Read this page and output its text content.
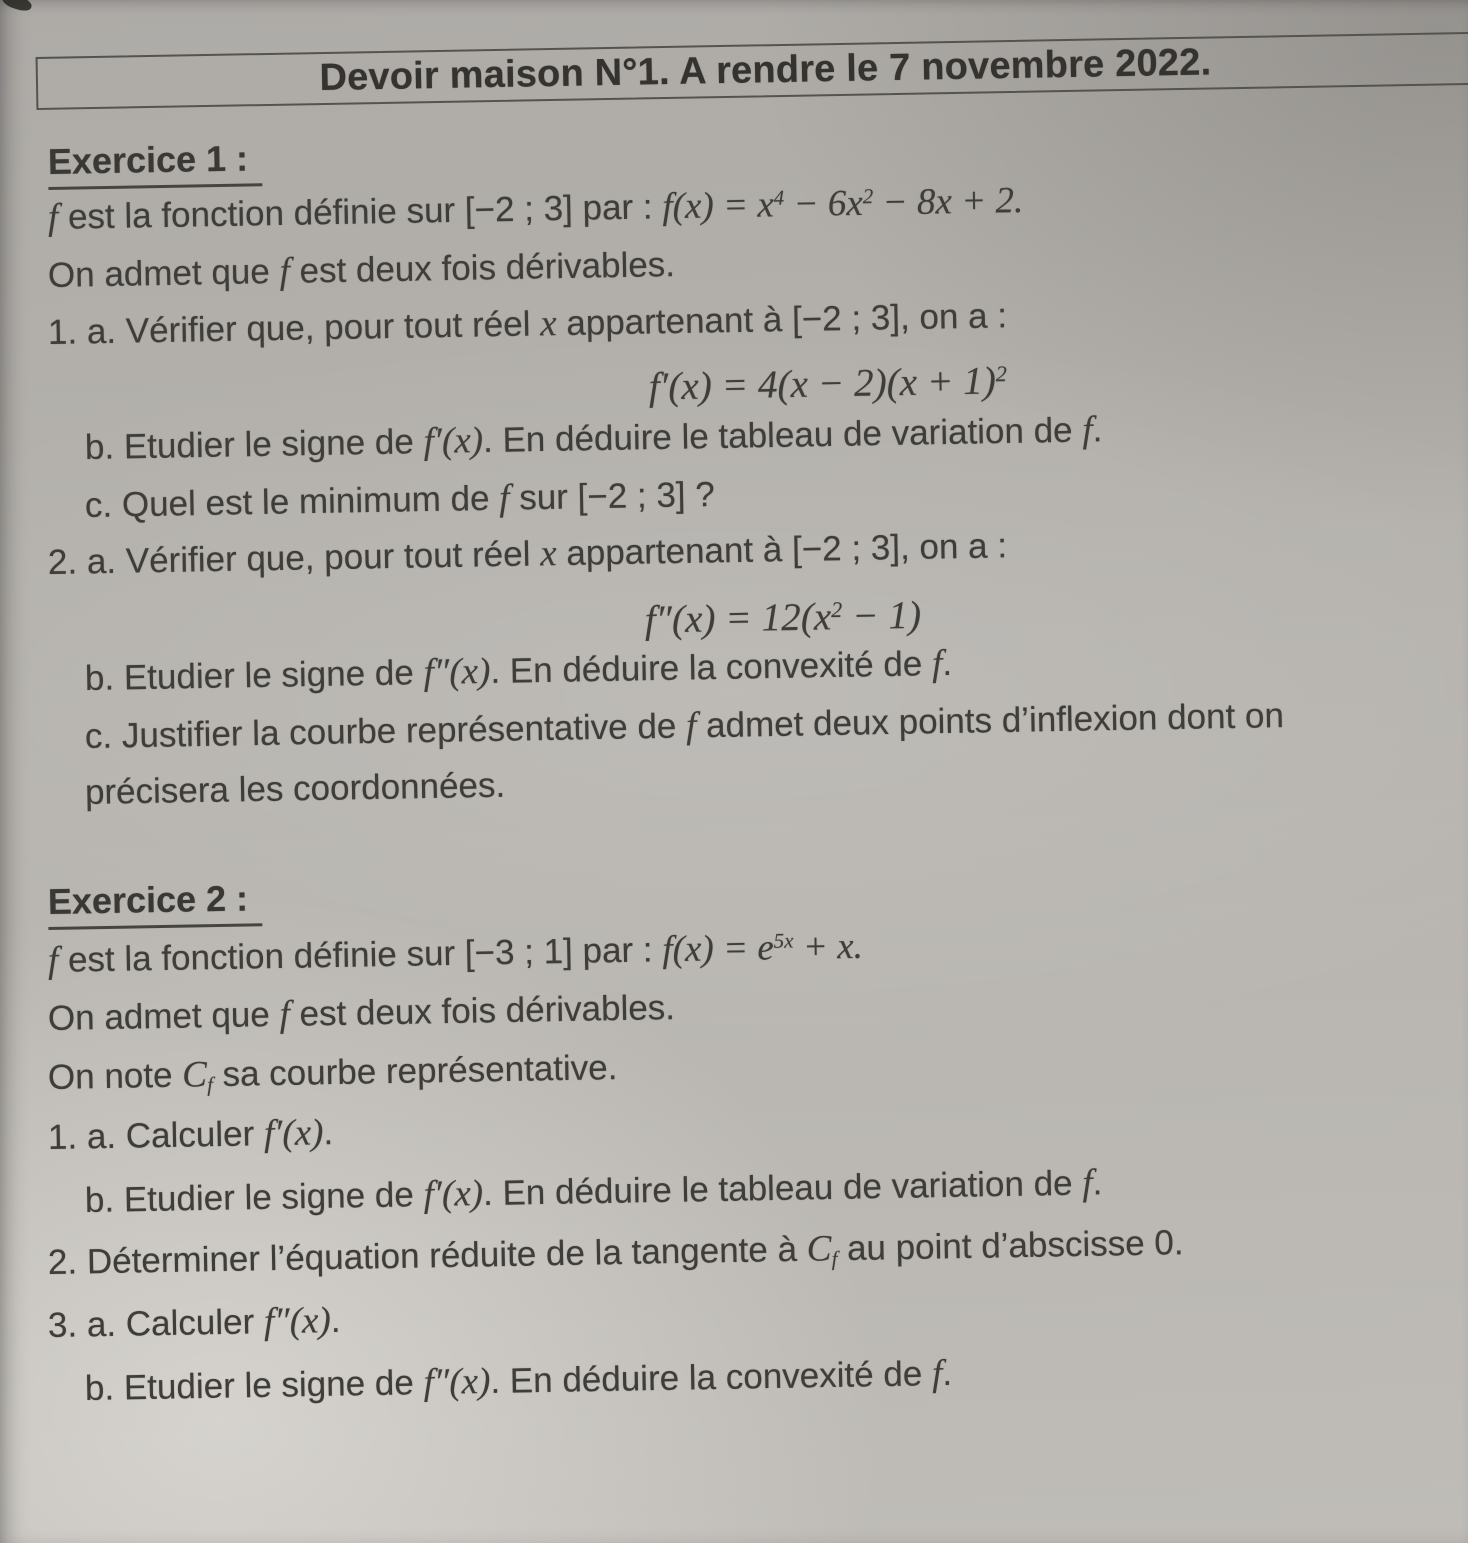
Devoir maison N°1. A rendre le 7 novembre 2022.
Exercice 1 :
f est la fonction définie sur [−2 ; 3] par : $f(x) = x^4 - 6x^2 - 8x + 2$.
On admet que f est deux fois dérivables.
1. a. Vérifier que, pour tout réel x appartenant à [−2 ; 3], on a :
$f'(x) = 4(x - 2)(x + 1)^2$
b. Etudier le signe de f′(x). En déduire le tableau de variation de f.
c. Quel est le minimum de f sur [−2 ; 3] ?
2. a. Vérifier que, pour tout réel x appartenant à [−2 ; 3], on a :
$f''(x) = 12(x^2 - 1)$
b. Etudier le signe de f″(x). En déduire la convexité de f.
c. Justifier la courbe représentative de f admet deux points d’inflexion dont on
précisera les coordonnées.
Exercice 2 :
f est la fonction définie sur [−3 ; 1] par : $f(x) = e^{5x} + x$.
On admet que f est deux fois dérivables.
On note $C_f$ sa courbe représentative.
1. a. Calculer f′(x).
b. Etudier le signe de f′(x). En déduire le tableau de variation de f.
2. Déterminer l’équation réduite de la tangente à $C_f$ au point d’abscisse 0.
3. a. Calculer f″(x).
b. Etudier le signe de f″(x). En déduire la convexité de f.
